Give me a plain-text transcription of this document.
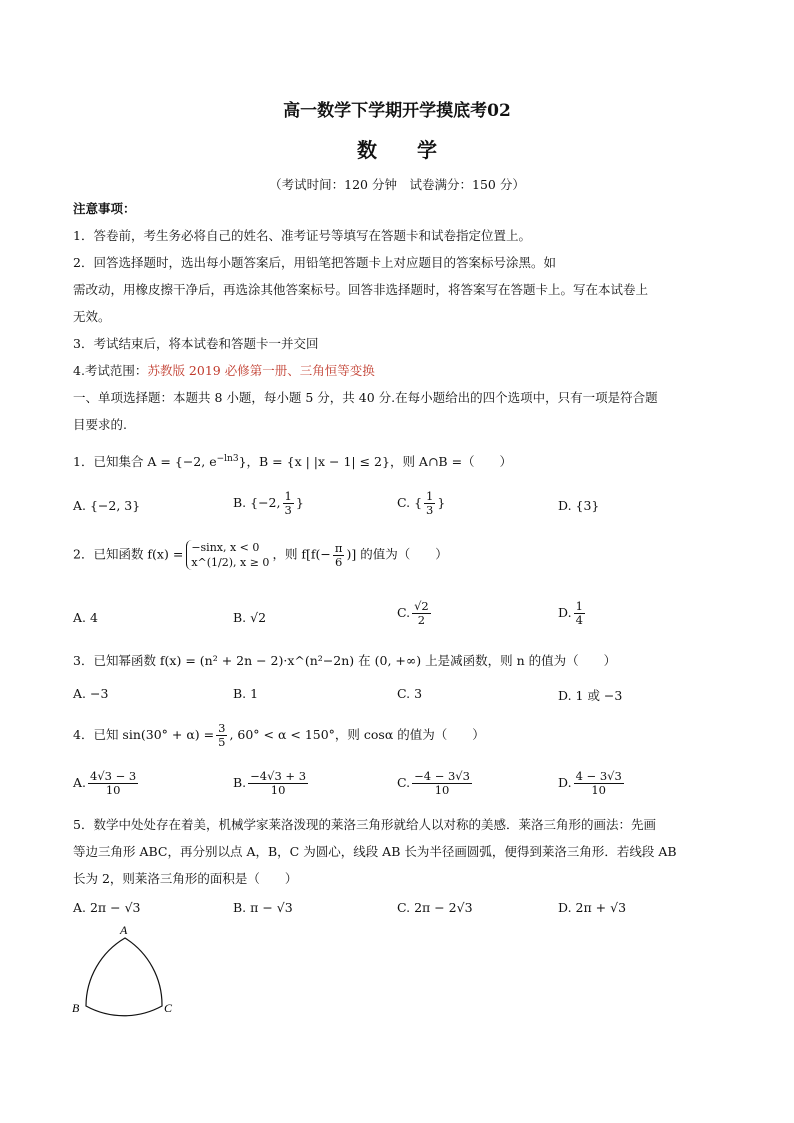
高一数学下学期开学摸底考02
数　　学
（考试时间：120 分钟　试卷满分：150 分）
注意事项：
1．答卷前，考生务必将自己的姓名、准考证号等填写在答题卡和试卷指定位置上。
2．回答选择题时，选出每小题答案后，用铅笔把答题卡上对应题目的答案标号涂黑。如
需改动，用橡皮擦干净后，再选涂其他答案标号。回答非选择题时，将答案写在答题卡上。写在本试卷上
无效。
3．考试结束后，将本试卷和答题卡一并交回
4.考试范围：苏教版 2019 必修第一册、三角恒等变换
一、单项选择题：本题共 8 小题，每小题 5 分，共 40 分.在每小题给出的四个选项中，只有一项是符合题
目要求的.
1．已知集合 A = {−2, $e^{-ln3}$}，B = {x | |x − 1| ≤ 2}，则 A∩B =（　　）
A. {−2, 3}	B. {−2, $\frac{1}{3}$ }	C. { $\frac{1}{3}$ }	D. {3}
2．已知函数 f(x) = −sinx, x < 0
x^(1/2), x ≥ 0
，则 $f[f(- \frac{\pi}{6}$ )] 的值为（　　）
A. 4	B. √2	C. $\frac{√2}{2}$	D. $\frac{1}{4}$
3．已知幂函数 f(x) = (n² + 2n − 2)·x^(n²−2n) 在 (0, +∞) 上是减函数，则 n 的值为（　　）
A. −3	B. 1	C. 3	D. 1 或 −3
4．已知 $\sin(30^\circ + \alpha) = \frac{3}{5}$ , 60° < α < 150°，则 cosα 的值为（　　）
A. $\frac{4√3 - 3}{10}$	B. $\frac{-4√3 + 3}{10}$	C. $\frac{-4 - 3√3}{10}$	D. $\frac{4 - 3√3}{10}$
5．数学中处处存在着美，机械学家莱洛泼现的莱洛三角形就给人以对称的美感．莱洛三角形的画法：先画
等边三角形 ABC，再分别以点 A，B，C 为圆心，线段 AB 长为半径画圆弧，便得到莱洛三角形．若线段 AB
长为 2，则莱洛三角形的面积是（　　）
A. 2π − √3	B. π − √3	C. 2π − 2√3	D. 2π + √3
A
B	C
